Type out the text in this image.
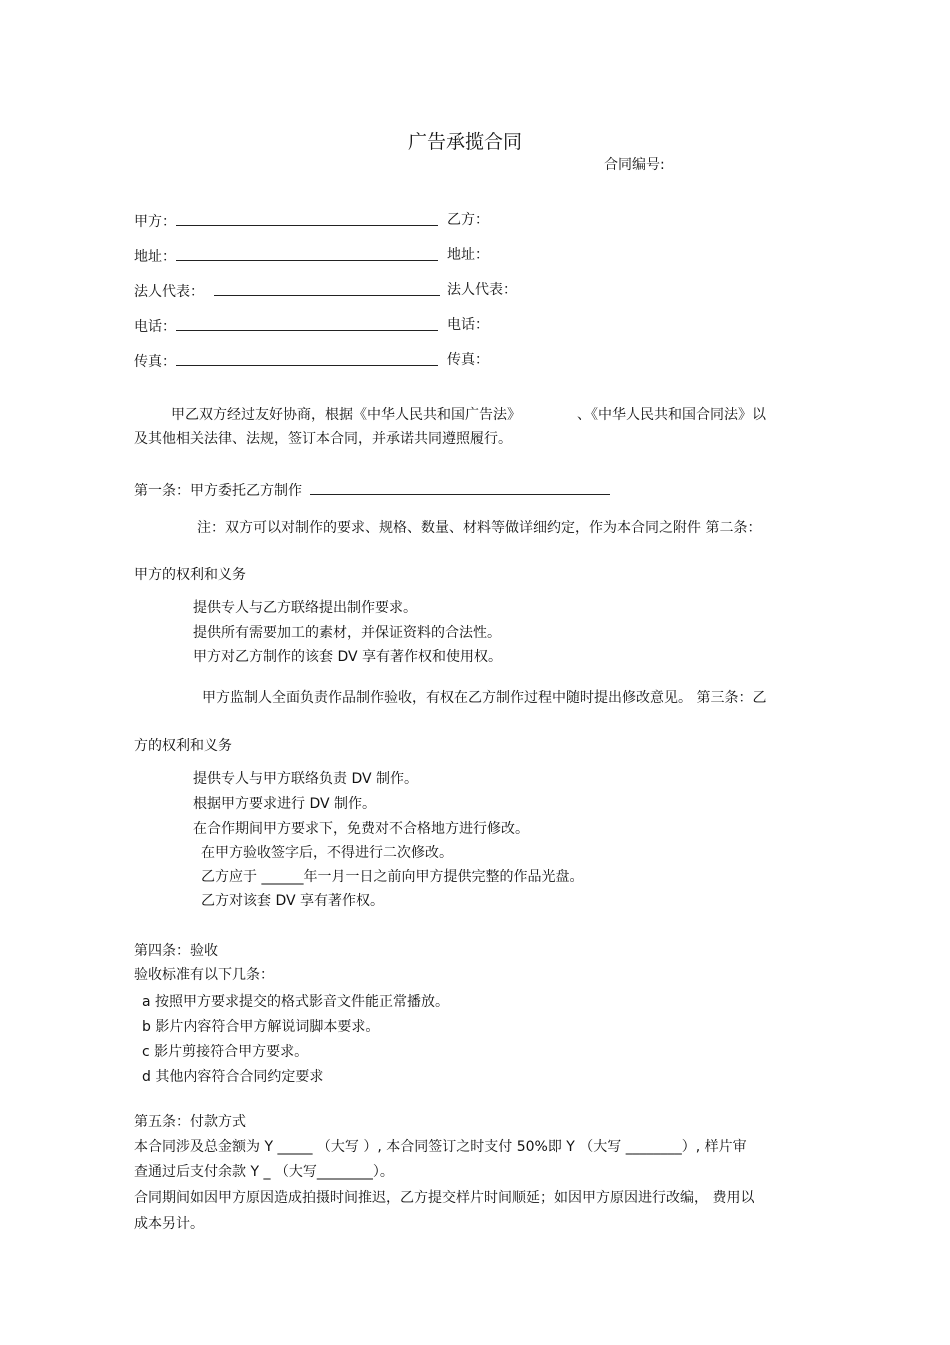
广告承揽合同
合同编号:
甲方：	乙方：
地址：	地址：
法人代表：	法人代表：
电话：	电话：
传真：	传真：
甲乙双方经过友好协商，根据《中华人民共和国广告法》	、《中华人民共和国合同法》以
及其他相关法律、法规，签订本合同，并承诺共同遵照履行。
第一条：甲方委托乙方制作
注：双方可以对制作的要求、规格、数量、材料等做详细约定，作为本合同之附件 第二条：
甲方的权利和义务
提供专人与乙方联络提出制作要求。
提供所有需要加工的素材，并保证资料的合法性。
甲方对乙方制作的该套 DV 享有著作权和使用权。
甲方监制人全面负责作品制作验收，有权在乙方制作过程中随时提出修改意见。 第三条：乙
方的权利和义务
提供专人与甲方联络负责 DV 制作。
根据甲方要求进行 DV 制作。
在合作期间甲方要求下，免费对不合格地方进行修改。
在甲方验收签字后，不得进行二次修改。
乙方应于 ______年一月一日之前向甲方提供完整的作品光盘。
乙方对该套 DV 享有著作权。
第四条：验收
验收标准有以下几条：
a 按照甲方要求提交的格式影音文件能正常播放。
b 影片内容符合甲方解说词脚本要求。
c 影片剪接符合甲方要求。
d 其他内容符合合同约定要求
第五条：付款方式
本合同涉及总金额为 Y _____ （大写 ）, 本合同签订之时支付 50%即 Y （大写 ________）, 样片审
查通过后支付余款 Y _ （大写________）。
合同期间如因甲方原因造成拍摄时间推迟，乙方提交样片时间顺延；如因甲方原因进行改编， 费用以
成本另计。
